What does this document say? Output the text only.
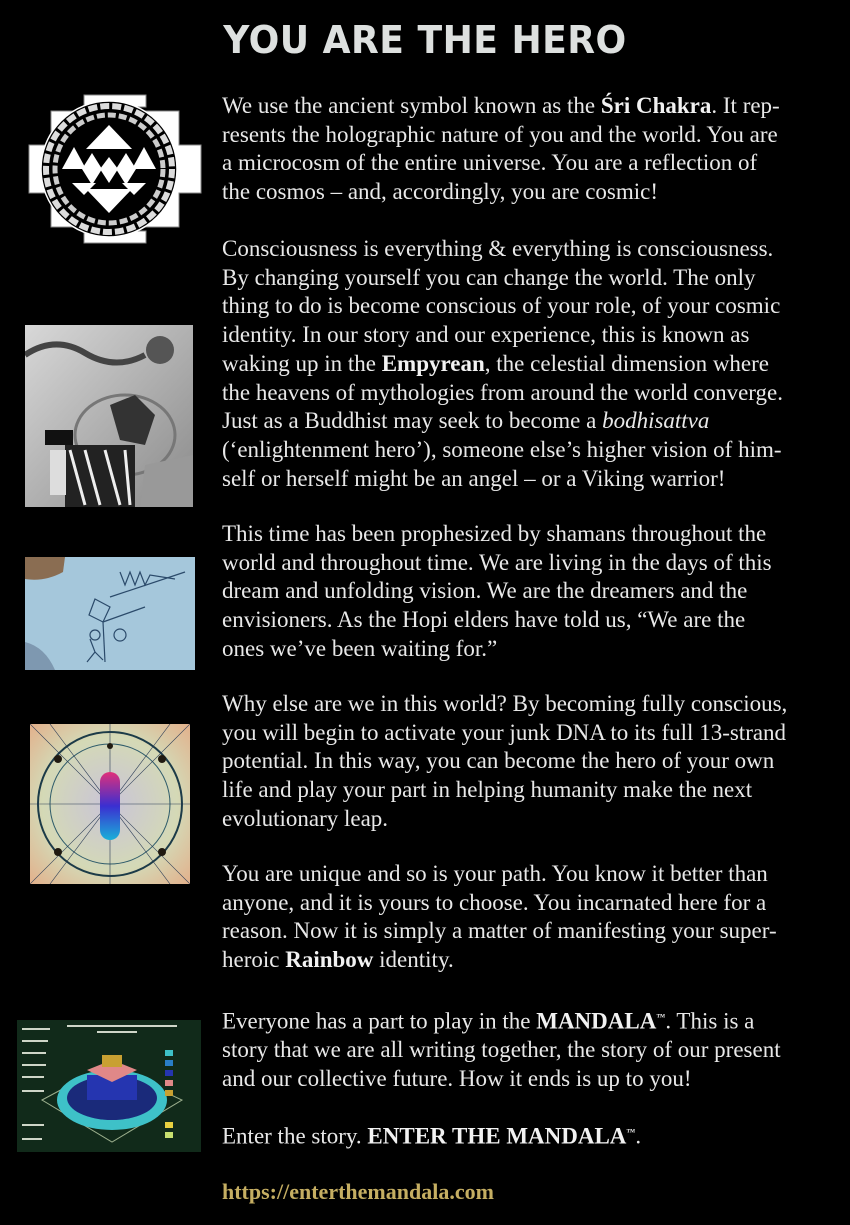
YOU ARE THE HERO
We use the ancient symbol known as the Śri Chakra. It rep-
resents the holographic nature of you and the world. You are
a microcosm of the entire universe. You are a reflection of
the cosmos – and, accordingly, you are cosmic!
Consciousness is everything & everything is consciousness.
By changing yourself you can change the world. The only
thing to do is become conscious of your role, of your cosmic
identity. In our story and our experience, this is known as
waking up in the Empyrean, the celestial dimension where
the heavens of mythologies from around the world converge.
Just as a Buddhist may seek to become a bodhisattva
(‘enlightenment hero’), someone else’s higher vision of him-
self or herself might be an angel – or a Viking warrior!
This time has been prophesized by shamans throughout the
world and throughout time. We are living in the days of this
dream and unfolding vision. We are the dreamers and the
envisioners. As the Hopi elders have told us, “We are the
ones we’ve been waiting for.”
Why else are we in this world? By becoming fully conscious,
you will begin to activate your junk DNA to its full 13-strand
potential. In this way, you can become the hero of your own
life and play your part in helping humanity make the next
evolutionary leap.
You are unique and so is your path. You know it better than
anyone, and it is yours to choose. You incarnated here for a
reason. Now it is simply a matter of manifesting your super-
heroic Rainbow identity.
Everyone has a part to play in the MANDALA™. This is a
story that we are all writing together, the story of our present
and our collective future. How it ends is up to you!
Enter the story. ENTER THE MANDALA™.
https://enterthemandala.com
